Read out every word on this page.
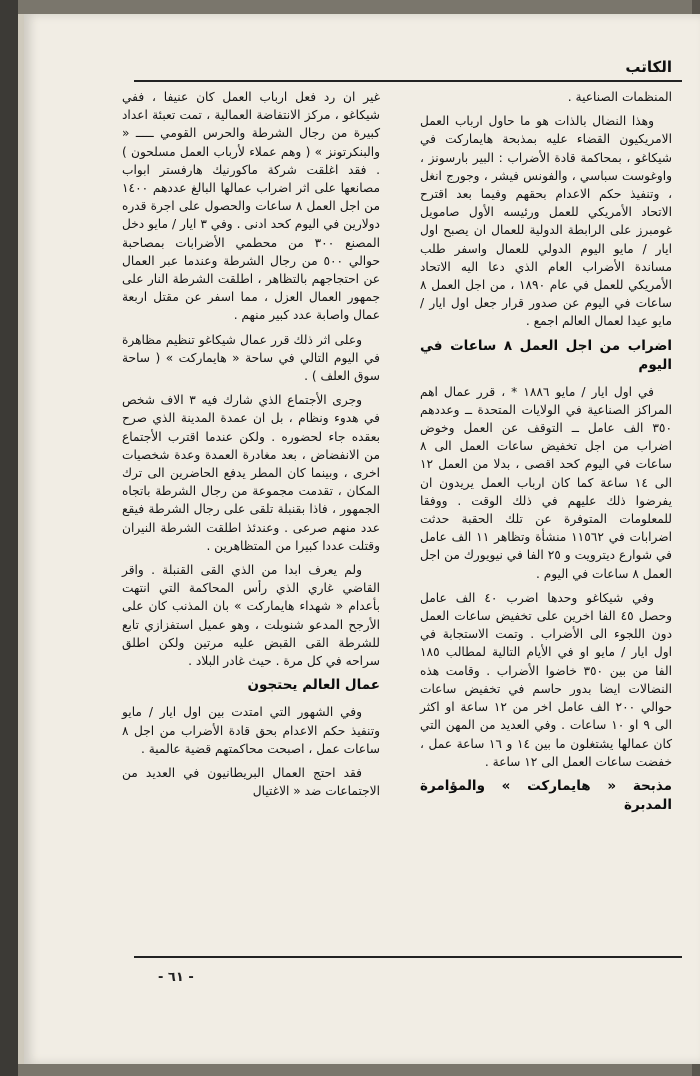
الكاتب

المنظمات الصناعية .

وهذا النضال بالذات هو ما حاول ارباب العمل الامريكيون القضاء عليه بمذبحة هايماركت في شيكاغو ، بمحاكمة قادة الأضراب : البير بارسونز ، واوغوست سباسي ، والفونس فيشر ، وجورج انغل ، وتنفيذ حكم الاعدام بحقهم وفيما بعد اقترح الاتحاد الأمريكي للعمل ورئيسه الأول صامويل غومبرز على الرابطة الدولية للعمال ان يصبح اول ايار / مايو اليوم الدولي للعمال واسفر طلب مساندة الأضراب العام الذي دعا اليه الاتحاد الأمريكي للعمل في عام ١٨٩٠ ، من اجل العمل ٨ ساعات في اليوم عن صدور قرار جعل اول ايار / مايو عيدا لعمال العالم اجمع .

اضراب من اجل العمل ٨ ساعات في اليوم

في اول ايار / مايو ١٨٨٦ * ، قرر عمال اهم المراكز الصناعية في الولايات المتحدة ــ وعددهم ٣٥٠ الف عامل ــ التوقف عن العمل وخوض اضراب من اجل تخفيض ساعات العمل الى ٨ ساعات في اليوم كحد اقصى ، بدلا من العمل ١٢ الى ١٤ ساعة كما كان ارباب العمل يريدون ان يفرضوا ذلك عليهم في ذلك الوقت . ووفقا للمعلومات المتوفرة عن تلك الحقبة حدثت اضرابات في ١١٥٦٢ منشأة وتظاهر ١١ الف عامل في شوارع ديترويت و ٢٥ الفا في نيويورك من اجل العمل ٨ ساعات في اليوم .

وفي شيكاغو وحدها اضرب ٤٠ الف عامل وحصل ٤٥ الفا اخرين على تخفيض ساعات العمل دون اللجوء الى الأضراب . وتمت الاستجابة في اول ايار / مايو او في الأيام التالية لمطالب ١٨٥ الفا من بين ٣٥٠ خاضوا الأضراب . وقامت هذه النضالات ايضا بدور حاسم في تخفيض ساعات حوالي ٢٠٠ الف عامل اخر من ١٢ ساعة او اكثر الى ٩ او ١٠ ساعات . وفي العديد من المهن التي كان عمالها يشتغلون ما بين ١٤ و ١٦ ساعة عمل ، خفضت ساعات العمل الى ١٢ ساعة .

مذبحة « هايماركت » والمؤامرة المدبرة

غير ان رد فعل ارباب العمل كان عنيفا ، ففي شيكاغو ، مركز الانتفاضة العمالية ، تمت تعبئة اعداد كبيرة من رجال الشرطة والحرس القومي ـــــ « والبنكرتونز » ( وهم عملاء لأرباب العمل مسلحون ) . فقد اغلقت شركة ماكورنيك هارفستر ابواب مصانعها على اثر اضراب عمالها البالغ عددهم ١٤٠٠ من اجل العمل ٨ ساعات والحصول على اجرة قدره دولارين في اليوم كحد ادنى . وفي ٣ ايار / مايو دخل المصنع ٣٠٠ من محطمي الأضرابات بمصاحبة حوالي ٥٠٠ من رجال الشرطة وعندما عبر العمال عن احتجاجهم بالتظاهر ، اطلقت الشرطة النار على جمهور العمال العزل ، مما اسفر عن مقتل اربعة عمال واصابة عدد كبير منهم .

وعلى اثر ذلك قرر عمال شيكاغو تنظيم مظاهرة في اليوم التالي في ساحة « هايماركت » ( ساحة سوق العلف ) .

وجرى الأجتماع الذي شارك فيه ٣ الاف شخص في هدوء ونظام ، بل ان عمدة المدينة الذي صرح بعقده جاء لحضوره . ولكن عندما اقترب الأجتماع من الانفضاض ، بعد مغادرة العمدة وعدة شخصيات اخرى ، وبينما كان المطر يدفع الحاضرين الى ترك المكان ، تقدمت مجموعة من رجال الشرطة باتجاه الجمهور ، فاذا بقنبلة تلقى على رجال الشرطة فيقع عدد منهم صرعى . وعندئذ اطلقت الشرطة النيران وقتلت عددا كبيرا من المتظاهرين .

ولم يعرف ابدا من الذي القى القنبلة . واقر القاضي غاري الذي رأس المحاكمة التي انتهت بأعدام « شهداء هايماركت » بان المذنب كان على الأرجح المدعو شنوبلت ، وهو عميل استفزازي تابع للشرطة القى القبض عليه مرتين ولكن اطلق سراحه في كل مرة . حيث غادر البلاد .

عمال العالم يحتجون

وفي الشهور التي امتدت بين اول ايار / مايو وتنفيذ حكم الاعدام بحق قادة الأضراب من اجل ٨ ساعات عمل ، اصبحت محاكمتهم قضية عالمية .

فقد احتج العمال البريطانيون في العديد من الاجتماعات ضد « الاغتيال

- ٦١ -
